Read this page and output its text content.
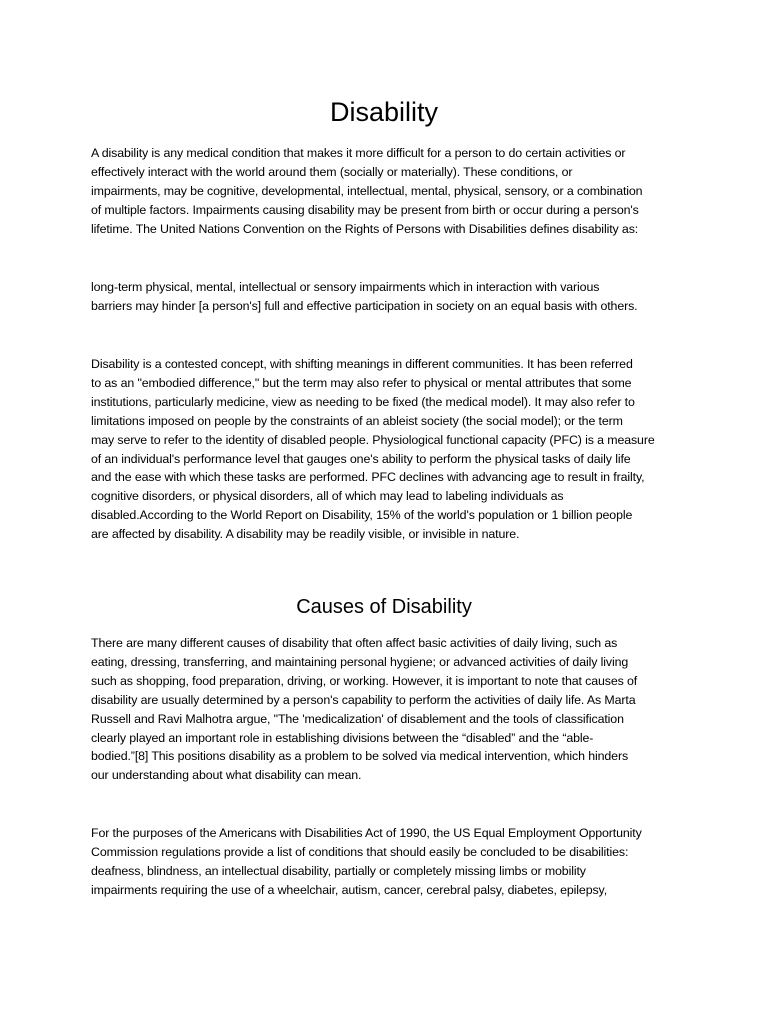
Disability

A disability is any medical condition that makes it more difficult for a person to do certain activities or
effectively interact with the world around them (socially or materially). These conditions, or
impairments, may be cognitive, developmental, intellectual, mental, physical, sensory, or a combination
of multiple factors. Impairments causing disability may be present from birth or occur during a person's
lifetime. The United Nations Convention on the Rights of Persons with Disabilities defines disability as:

long-term physical, mental, intellectual or sensory impairments which in interaction with various
barriers may hinder [a person's] full and effective participation in society on an equal basis with others.

Disability is a contested concept, with shifting meanings in different communities. It has been referred
to as an "embodied difference," but the term may also refer to physical or mental attributes that some
institutions, particularly medicine, view as needing to be fixed (the medical model). It may also refer to
limitations imposed on people by the constraints of an ableist society (the social model); or the term
may serve to refer to the identity of disabled people. Physiological functional capacity (PFC) is a measure
of an individual's performance level that gauges one's ability to perform the physical tasks of daily life
and the ease with which these tasks are performed. PFC declines with advancing age to result in frailty,
cognitive disorders, or physical disorders, all of which may lead to labeling individuals as
disabled.According to the World Report on Disability, 15% of the world's population or 1 billion people
are affected by disability. A disability may be readily visible, or invisible in nature.

Causes of Disability

There are many different causes of disability that often affect basic activities of daily living, such as
eating, dressing, transferring, and maintaining personal hygiene; or advanced activities of daily living
such as shopping, food preparation, driving, or working. However, it is important to note that causes of
disability are usually determined by a person's capability to perform the activities of daily life. As Marta
Russell and Ravi Malhotra argue, "The 'medicalization' of disablement and the tools of classification
clearly played an important role in establishing divisions between the “disabled” and the “able-
bodied.”[8] This positions disability as a problem to be solved via medical intervention, which hinders
our understanding about what disability can mean.

For the purposes of the Americans with Disabilities Act of 1990, the US Equal Employment Opportunity
Commission regulations provide a list of conditions that should easily be concluded to be disabilities:
deafness, blindness, an intellectual disability, partially or completely missing limbs or mobility
impairments requiring the use of a wheelchair, autism, cancer, cerebral palsy, diabetes, epilepsy,
